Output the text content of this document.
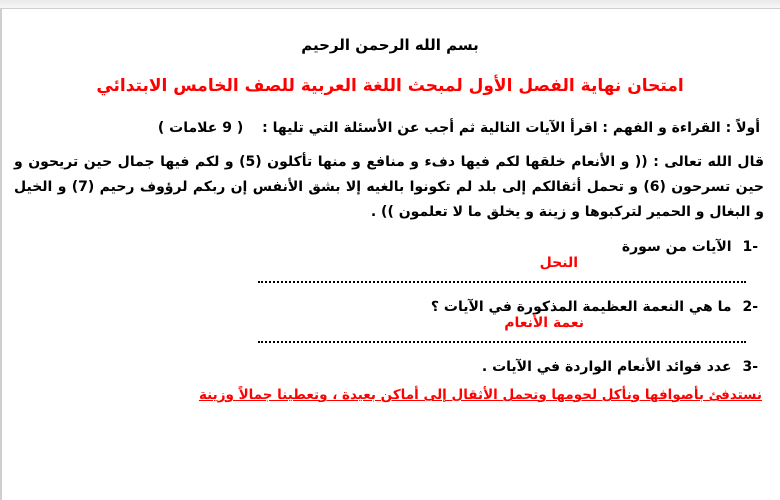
بسم الله الرحمن الرحيم
امتحان نهاية الفصل الأول لمبحث اللغة العربية للصف الخامس الابتدائي
أولاً : القراءة و الفهم : اقرأ الآيات التالية ثم أجب عن الأسئلة التي تليها : ( 9 علامات )
قال الله تعالى : (( و الأنعام خلقها لكم فيها دفء و منافع و منها تأكلون (5) و لكم فيها جمال حين تريحون و حين تسرحون (6) و تحمل أثقالكم إلى بلد لم تكونوا بالغيه إلا بشق الأنفس إن ربكم لرؤوف رحيم (7) و الخيل و البغال و الحمير لتركبوها و زينة و يخلق ما لا تعلمون )) .
-1 الآيات من سورة
النحل
-2 ما هي النعمة العظيمة المذكورة في الآيات ؟
نعمة الأنعام
-3 عدد فوائد الأنعام الواردة في الآيات .
نستدفئ بأصوافها ونأكل لحومها وتحمل الأثقال إلى أماكن بعيدة ، وتعطينا جمالاً وزينة
